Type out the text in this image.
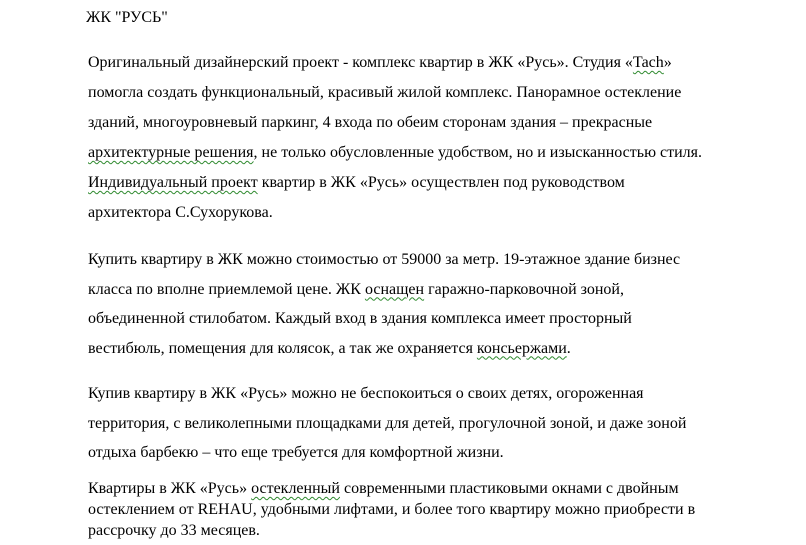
ЖК "РУСЬ"
Оригинальный дизайнерский проект - комплекс квартир в ЖК «Русь». Студия «Tach»
помогла создать функциональный, красивый жилой комплекс. Панорамное остекление
зданий, многоуровневый паркинг, 4 входа по обеим сторонам здания – прекрасные
архитектурные решения, не только обусловленные удобством, но и изысканностью стиля.
Индивидуальный проект квартир в ЖК «Русь» осуществлен под руководством
архитектора С.Сухорукова.
Купить квартиру в ЖК можно стоимостью от 59000 за метр. 19-этажное здание бизнес
класса по вполне приемлемой цене. ЖК оснащен гаражно-парковочной зоной,
объединенной стилобатом. Каждый вход в здания комплекса имеет просторный
вестибюль, помещения для колясок, а так же охраняется консьержами.
Купив квартиру в ЖК «Русь» можно не беспокоиться о своих детях, огороженная
территория, с великолепными площадками для детей, прогулочной зоной, и даже зоной
отдыха барбекю – что еще требуется для комфортной жизни.
Квартиры в ЖК «Русь» остекленный современными пластиковыми окнами с двойным
остеклением от REHAU, удобными лифтами, и более того квартиру можно приобрести в
рассрочку до 33 месяцев.
